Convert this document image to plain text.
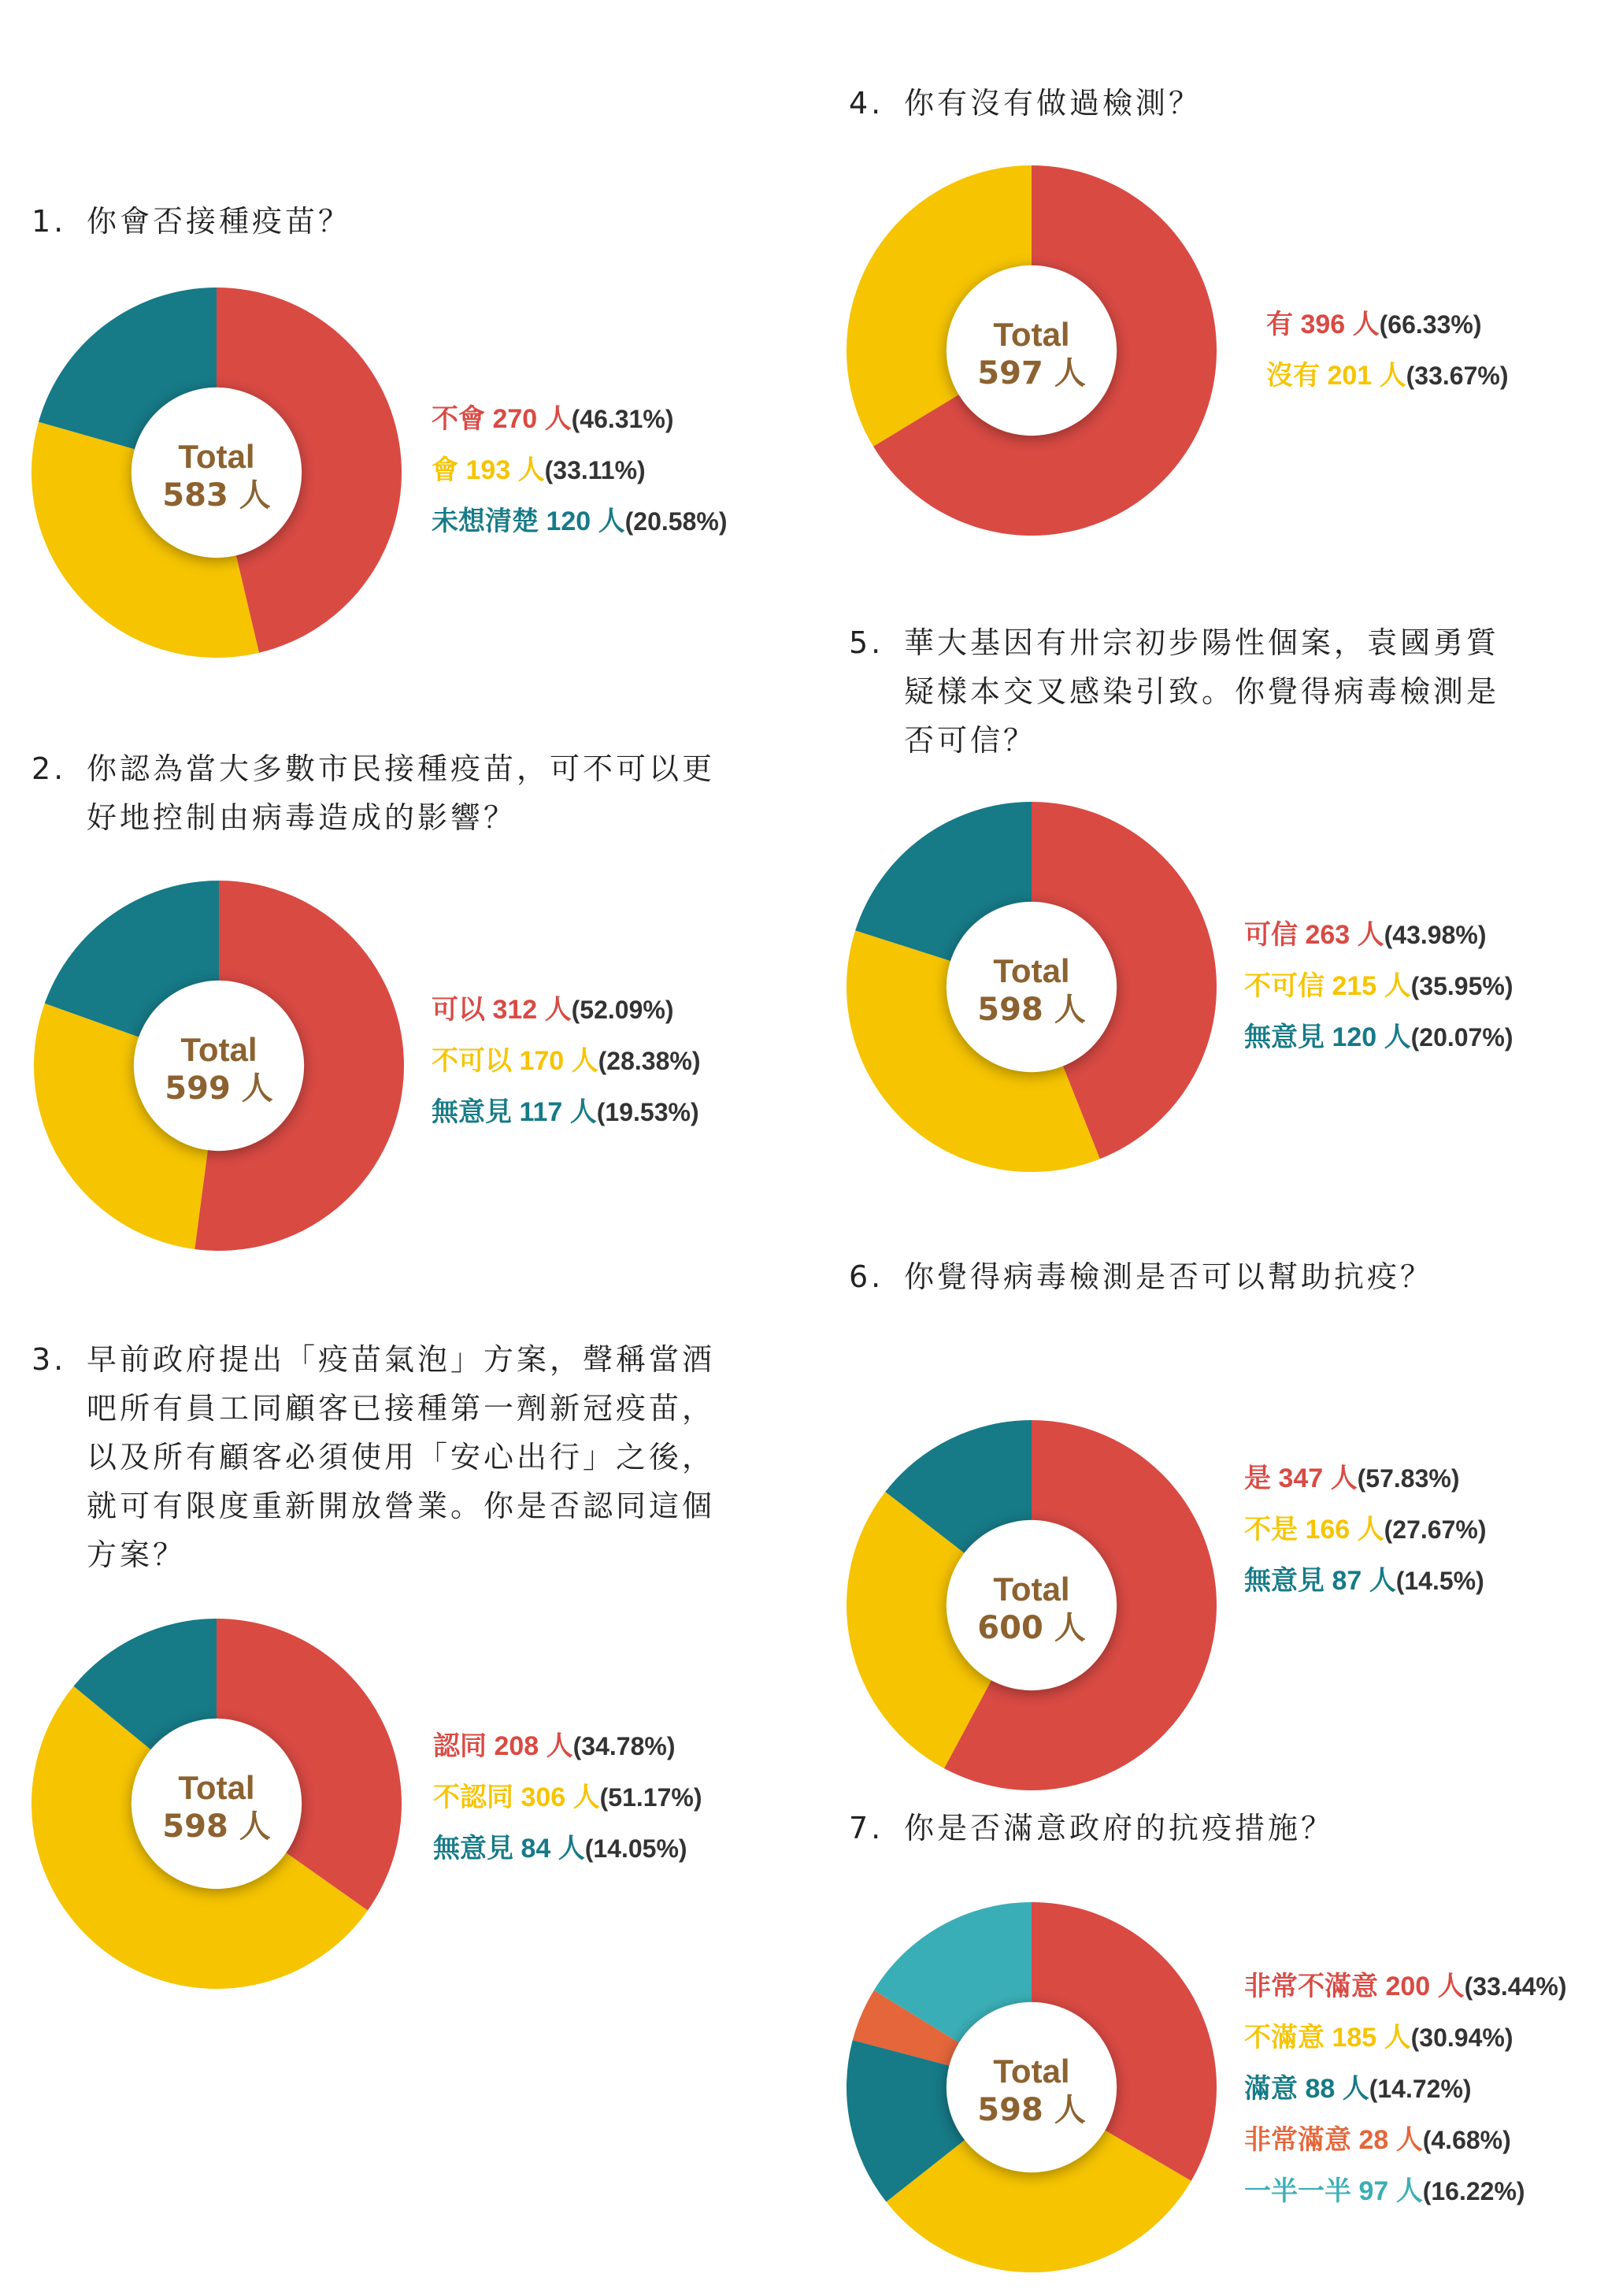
1. 你會否接種疫苗？
Total
583 人
不會 270 人(46.31%)
會 193 人(33.11%)
未想清楚 120 人(20.58%)
2. 你認為當大多數市民接種疫苗，可不可以更
好地控制由病毒造成的影響？
Total
599 人
可以 312 人(52.09%)
不可以 170 人(28.38%)
無意見 117 人(19.53%)
3. 早前政府提出「疫苗氣泡」方案，聲稱當酒
吧所有員工同顧客已接種第一劑新冠疫苗，
以及所有顧客必須使用「安心出行」之後，
就可有限度重新開放營業。你是否認同這個
方案？
Total
598 人
認同 208 人(34.78%)
不認同 306 人(51.17%)
無意見 84 人(14.05%)
4. 你有沒有做過檢測？
Total
597 人
有 396 人(66.33%)
沒有 201 人(33.67%)
5. 華大基因有卅宗初步陽性個案，袁國勇質
疑樣本交叉感染引致。你覺得病毒檢測是
否可信？
Total
598 人
可信 263 人(43.98%)
不可信 215 人(35.95%)
無意見 120 人(20.07%)
6. 你覺得病毒檢測是否可以幫助抗疫？
Total
600 人
是 347 人(57.83%)
不是 166 人(27.67%)
無意見 87 人(14.5%)
7. 你是否滿意政府的抗疫措施？
Total
598 人
非常不滿意 200 人(33.44%)
不滿意 185 人(30.94%)
滿意 88 人(14.72%)
非常滿意 28 人(4.68%)
一半一半 97 人(16.22%)
